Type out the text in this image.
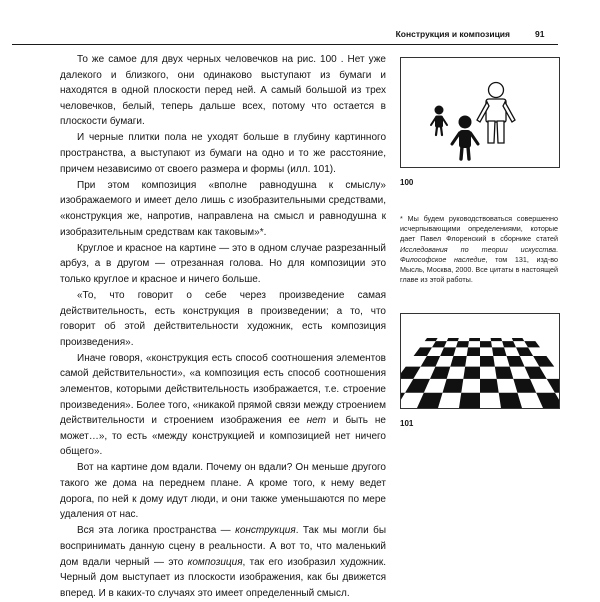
Конструкция и композиция	91

То же самое для двух черных человечков на рис. 100 . Нет уже далекого и близкого, они одинаково выступают из бумаги и находятся в одной плоскости перед ней. А самый большой из трех человечков, белый, теперь дальше всех, потому что остается в плоскости бумаги.

И черные плитки пола не уходят больше в глубину картинного пространства, а выступают из бумаги на одно и то же расстояние, причем независимо от своего размера и формы (илл. 101).

При этом композиция «вполне равнодушна к смыслу» изображаемого и имеет дело лишь с изобразительными средствами, «конструкция же, напротив, направлена на смысл и равнодушна к изобразительным средствам как таковым»*.

Круглое и красное на картине — это в одном случае разрезанный арбуз, а в другом — отрезанная голова. Но для композиции это только круглое и красное и ничего больше.

«То, что говорит о себе через произведение самая действительность, есть конструкция в произведении; а то, что говорит об этой действительности художник, есть композиция произведения».

Иначе говоря, «конструкция есть способ соотношения элементов самой действительности», «а композиция есть способ соотношения элементов, которыми действительность изображается, т.е. строение произведения». Более того, «никакой прямой связи между строением действительности и строением изображения ее нет и быть не может…», то есть «между конструкцией и композицией нет ничего общего».

Вот на картине дом вдали. Почему он вдали? Он меньше другого такого же дома на переднем плане. А кроме того, к нему ведет дорога, по ней к дому идут люди, и они также уменьшаются по мере удаления от нас.

Вся эта логика пространства — конструкция. Так мы могли бы воспринимать данную сцену в реальности. А вот то, что маленький дом вдали черный — это композиция, так его изобразил художник. Черный дом выступает из плоскости изображения, как бы движется вперед. И в каких-то случаях это имеет определенный смысл.

100
* Мы будем руководствоваться совершенно исчерпывающими определениями, которые дает Павел Флоренский в сборнике статей Исследования по теории искусства. Философское наследие, том 131, изд-во Мысль, Москва, 2000. Все цитаты в настоящей главе из этой работы.
101
